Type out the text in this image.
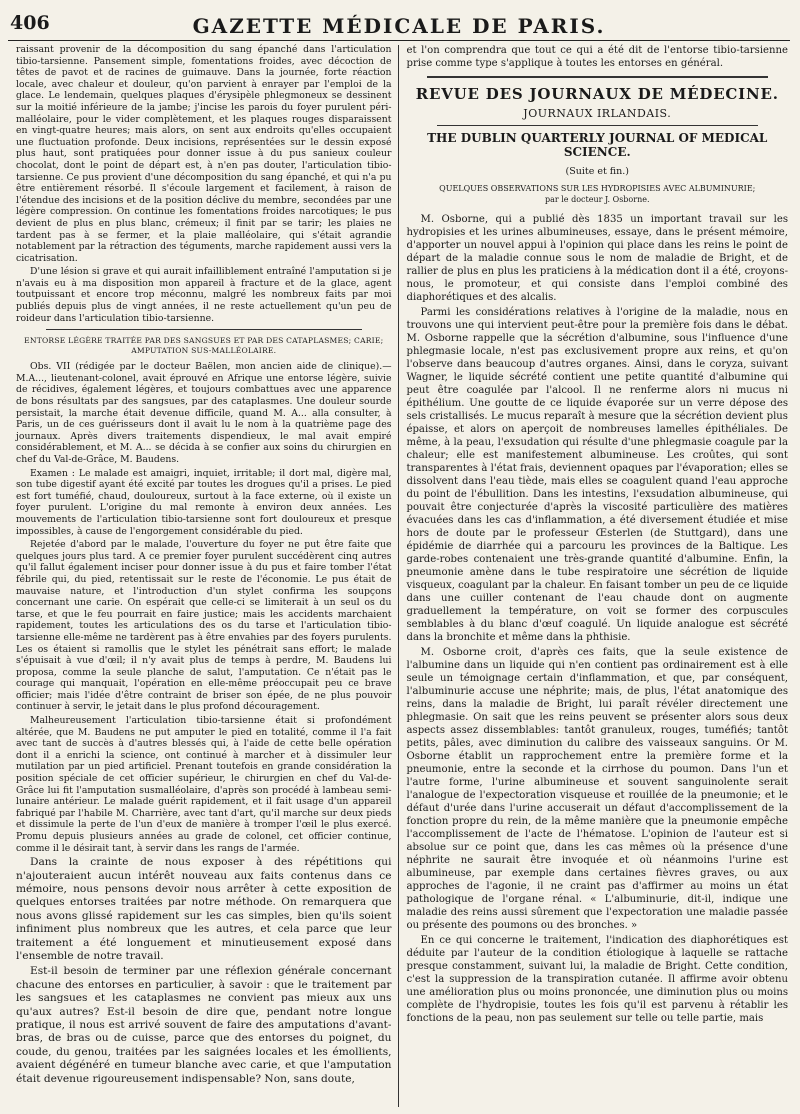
406	GAZETTE MÉDICALE DE PARIS.

raissant provenir de la décomposition du sang épanché dans l'articulation tibio-tarsienne. Pansement simple, fomentations froides, avec décoction de têtes de pavot et de racines de guimauve. Dans la journée, forte réaction locale, avec chaleur et douleur, qu'on parvient à enrayer par l'emploi de la glace. Le lendemain, quelques plaques d'érysipèle phlegmoneux se dessinent sur la moitié inférieure de la jambe; j'incise les parois du foyer purulent péri-malléolaire, pour le vider complètement, et les plaques rouges disparaissent en vingt-quatre heures; mais alors, on sent aux endroits qu'elles occupaient une fluctuation profonde. Deux incisions, représentées sur le dessin exposé plus haut, sont pratiquées pour donner issue à du pus sanieux couleur chocolat, dont le point de départ est, à n'en pas douter, l'articulation tibio-tarsienne. Ce pus provient d'une décomposition du sang épanché, et qui n'a pu être entièrement résorbé. Il s'écoule largement et facilement, à raison de l'étendue des incisions et de la position déclive du membre, secondées par une légère compression. On continue les fomentations froides narcotiques; le pus devient de plus en plus blanc, crémeux; il finit par se tarir; les plaies ne tardent pas à se fermer, et la plaie malléolaire, qui s'était agrandie notablement par la rétraction des téguments, marche rapidement aussi vers la cicatrisation.

D'une lésion si grave et qui aurait infailliblement entraîné l'amputation si je n'avais eu à ma disposition mon appareil à fracture et de la glace, agent toutpuissant et encore trop méconnu, malgré les nombreux faits par moi publiés depuis plus de vingt années, il ne reste actuellement qu'un peu de roideur dans l'articulation tibio-tarsienne.

ENTORSE LÉGÈRE TRAITÉE PAR DES SANGSUES ET PAR DES CATAPLASMES; CARIE;
AMPUTATION SUS-MALLÉOLAIRE.

Obs. VII (rédigée par le docteur Baëlen, mon ancien aide de clinique).—M.A..., lieutenant-colonel, avait éprouvé en Afrique une entorse légère, suivie de récidives, également légères, et toujours combattues avec une apparence de bons résultats par des sangsues, par des cataplasmes. Une douleur sourde persistait, la marche était devenue difficile, quand M. A... alla consulter, à Paris, un de ces guérisseurs dont il avait lu le nom à la quatrième page des journaux. Après divers traitements dispendieux, le mal avait empiré considérablement, et M. A... se décida à se confier aux soins du chirurgien en chef du Val-de-Grâce, M. Baudens.

Examen : Le malade est amaigri, inquiet, irritable; il dort mal, digère mal, son tube digestif ayant été excité par toutes les drogues qu'il a prises. Le pied est fort tuméfié, chaud, douloureux, surtout à la face externe, où il existe un foyer purulent. L'origine du mal remonte à environ deux années. Les mouvements de l'articulation tibio-tarsienne sont fort douloureux et presque impossibles, à cause de l'engorgement considérable du pied.

Rejetée d'abord par le malade, l'ouverture du foyer ne put être faite que quelques jours plus tard. A ce premier foyer purulent succédèrent cinq autres qu'il fallut également inciser pour donner issue à du pus et faire tomber l'état fébrile qui, du pied, retentissait sur le reste de l'économie. Le pus était de mauvaise nature, et l'introduction d'un stylet confirma les soupçons concernant une carie. On espérait que celle-ci se limiterait à un seul os du tarse, et que le feu pourrait en faire justice; mais les accidents marchaient rapidement, toutes les articulations des os du tarse et l'articulation tibio-tarsienne elle-même ne tardèrent pas à être envahies par des foyers purulents. Les os étaient si ramollis que le stylet les pénétrait sans effort; le malade s'épuisait à vue d'œil; il n'y avait plus de temps à perdre, M. Baudens lui proposa, comme la seule planche de salut, l'amputation. Ce n'était pas le courage qui manquait, l'opération en elle-même préoccupait peu ce brave officier; mais l'idée d'être contraint de briser son épée, de ne plus pouvoir continuer à servir, le jetait dans le plus profond découragement.

Malheureusement l'articulation tibio-tarsienne était si profondément altérée, que M. Baudens ne put amputer le pied en totalité, comme il l'a fait avec tant de succès à d'autres blessés qui, à l'aide de cette belle opération dont il a enrichi la science, ont continué à marcher et à dissimuler leur mutilation par un pied artificiel. Prenant toutefois en grande considération la position spéciale de cet officier supérieur, le chirurgien en chef du Val-de-Grâce lui fit l'amputation susmalléolaire, d'après son procédé à lambeau semi-lunaire antérieur. Le malade guérit rapidement, et il fait usage d'un appareil fabriqué par l'habile M. Charrière, avec tant d'art, qu'il marche sur deux pieds et dissimule la perte de l'un d'eux de manière à tromper l'œil le plus exercé. Promu depuis plusieurs années au grade de colonel, cet officier continue, comme il le désirait tant, à servir dans les rangs de l'armée.

Dans la crainte de nous exposer à des répétitions qui n'ajouteraient aucun intérêt nouveau aux faits contenus dans ce mémoire, nous pensons devoir nous arrêter à cette exposition de quelques entorses traitées par notre méthode. On remarquera que nous avons glissé rapidement sur les cas simples, bien qu'ils soient infiniment plus nombreux que les autres, et cela parce que leur traitement a été longuement et minutieusement exposé dans l'ensemble de notre travail.

Est-il besoin de terminer par une réflexion générale concernant chacune des entorses en particulier, à savoir : que le traitement par les sangsues et les cataplasmes ne convient pas mieux aux uns qu'aux autres? Est-il besoin de dire que, pendant notre longue pratique, il nous est arrivé souvent de faire des amputations d'avant-bras, de bras ou de cuisse, parce que des entorses du poignet, du coude, du genou, traitées par les saignées locales et les émollients, avaient dégénéré en tumeur blanche avec carie, et que l'amputation était devenue rigoureusement indispensable? Non, sans doute,

et l'on comprendra que tout ce qui a été dit de l'entorse tibio-tarsienne prise comme type s'applique à toutes les entorses en général.

REVUE DES JOURNAUX DE MÉDECINE.
JOURNAUX IRLANDAIS.
THE DUBLIN QUARTERLY JOURNAL OF MEDICAL
SCIENCE.
(Suite et fin.)
QUELQUES OBSERVATIONS SUR LES HYDROPISIES AVEC ALBUMINURIE;
par le docteur J. Osborne.

M. Osborne, qui a publié dès 1835 un important travail sur les hydropisies et les urines albumineuses, essaye, dans le présent mémoire, d'apporter un nouvel appui à l'opinion qui place dans les reins le point de départ de la maladie connue sous le nom de maladie de Bright, et de rallier de plus en plus les praticiens à la médication dont il a été, croyons-nous, le promoteur, et qui consiste dans l'emploi combiné des diaphorétiques et des alcalis.

Parmi les considérations relatives à l'origine de la maladie, nous en trouvons une qui intervient peut-être pour la première fois dans le débat. M. Osborne rappelle que la sécrétion d'albumine, sous l'influence d'une phlegmasie locale, n'est pas exclusivement propre aux reins, et qu'on l'observe dans beaucoup d'autres organes. Ainsi, dans le coryza, suivant Wagner, le liquide sécrété contient une petite quantité d'albumine qui peut être coagulée par l'alcool. Il ne renferme alors ni mucus ni épithélium. Une goutte de ce liquide évaporée sur un verre dépose des sels cristallisés. Le mucus reparaît à mesure que la sécrétion devient plus épaisse, et alors on aperçoit de nombreuses lamelles épithéliales. De même, à la peau, l'exsudation qui résulte d'une phlegmasie coagule par la chaleur; elle est manifestement albumineuse. Les croûtes, qui sont transparentes à l'état frais, deviennent opaques par l'évaporation; elles se dissolvent dans l'eau tiède, mais elles se coagulent quand l'eau approche du point de l'ébullition. Dans les intestins, l'exsudation albumineuse, qui pouvait être conjecturée d'après la viscosité particulière des matières évacuées dans les cas d'inflammation, a été diversement étudiée et mise hors de doute par le professeur Œsterlen (de Stuttgard), dans une épidémie de diarrhée qui a parcouru les provinces de la Baltique. Les garde-robes contenaient une très-grande quantité d'albumine. Enfin, la pneumonie amène dans le tube respiratoire une sécrétion de liquide visqueux, coagulant par la chaleur. En faisant tomber un peu de ce liquide dans une cuiller contenant de l'eau chaude dont on augmente graduellement la température, on voit se former des corpuscules semblables à du blanc d'œuf coagulé. Un liquide analogue est sécrété dans la bronchite et même dans la phthisie.

M. Osborne croit, d'après ces faits, que la seule existence de l'albumine dans un liquide qui n'en contient pas ordinairement est à elle seule un témoignage certain d'inflammation, et que, par conséquent, l'albuminurie accuse une néphrite; mais, de plus, l'état anatomique des reins, dans la maladie de Bright, lui paraît révéler directement une phlegmasie. On sait que les reins peuvent se présenter alors sous deux aspects assez dissemblables: tantôt granuleux, rouges, tuméfiés; tantôt petits, pâles, avec diminution du calibre des vaisseaux sanguins. Or M. Osborne établit un rapprochement entre la première forme et la pneumonie, entre la seconde et la cirrhose du poumon. Dans l'un et l'autre forme, l'urine albumineuse et souvent sanguinolente serait l'analogue de l'expectoration visqueuse et rouillée de la pneumonie; et le défaut d'urée dans l'urine accuserait un défaut d'accomplissement de la fonction propre du rein, de la même manière que la pneumonie empêche l'accomplissement de l'acte de l'hématose. L'opinion de l'auteur est si absolue sur ce point que, dans les cas mêmes où la présence d'une néphrite ne saurait être invoquée et où néanmoins l'urine est albumineuse, par exemple dans certaines fièvres graves, ou aux approches de l'agonie, il ne craint pas d'affirmer au moins un état pathologique de l'organe rénal. « L'albuminurie, dit-il, indique une maladie des reins aussi sûrement que l'expectoration une maladie passée ou présente des poumons ou des bronches. »

En ce qui concerne le traitement, l'indication des diaphorétiques est déduite par l'auteur de la condition étiologique à laquelle se rattache presque constamment, suivant lui, la maladie de Bright. Cette condition, c'est la suppression de la transpiration cutanée. Il affirme avoir obtenu une amélioration plus ou moins prononcée, une diminution plus ou moins complète de l'hydropisie, toutes les fois qu'il est parvenu à rétablir les fonctions de la peau, non pas seulement sur telle ou telle partie, mais
